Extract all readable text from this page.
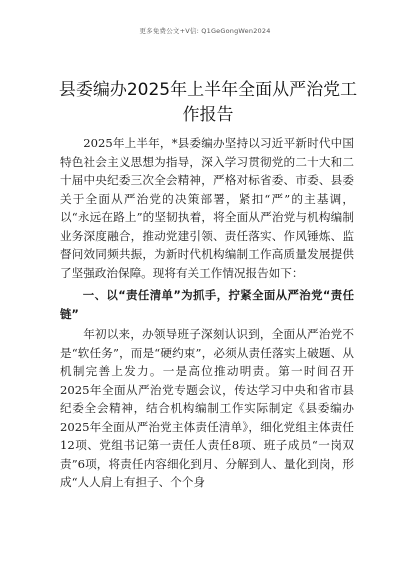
更多免费公文+V信: Q1GeGongWen2024
县委编办2025年上半年全面从严治党工作报告

2025年上半年，*县委编办坚持以习近平新时代中国特色社会主义思想为指导，深入学习贯彻党的二十大和二十届中央纪委三次全会精神，严格对标省委、市委、县委关于全面从严治党的决策部署，紧扣“严”的主基调，以“永远在路上”的坚韧执着，将全面从严治党与机构编制业务深度融合，推动党建引领、责任落实、作风锤炼、监督问效同频共振，为新时代机构编制工作高质量发展提供了坚强政治保障。现将有关工作情况报告如下：

一、以“责任清单”为抓手，拧紧全面从严治党“责任链”

年初以来，办领导班子深刻认识到，全面从严治党不是“软任务”，而是“硬约束”，必须从责任落实上破题、从机制完善上发力。一是高位推动明责。第一时间召开2025年全面从严治党专题会议，传达学习中央和省市县纪委全会精神，结合机构编制工作实际制定《县委编办2025年全面从严治党主体责任清单》，细化党组主体责任12项、党组书记第一责任人责任8项、班子成员“一岗双责”6项，将责任内容细化到月、分解到人、量化到岗，形成“人人肩上有担子、个个身
